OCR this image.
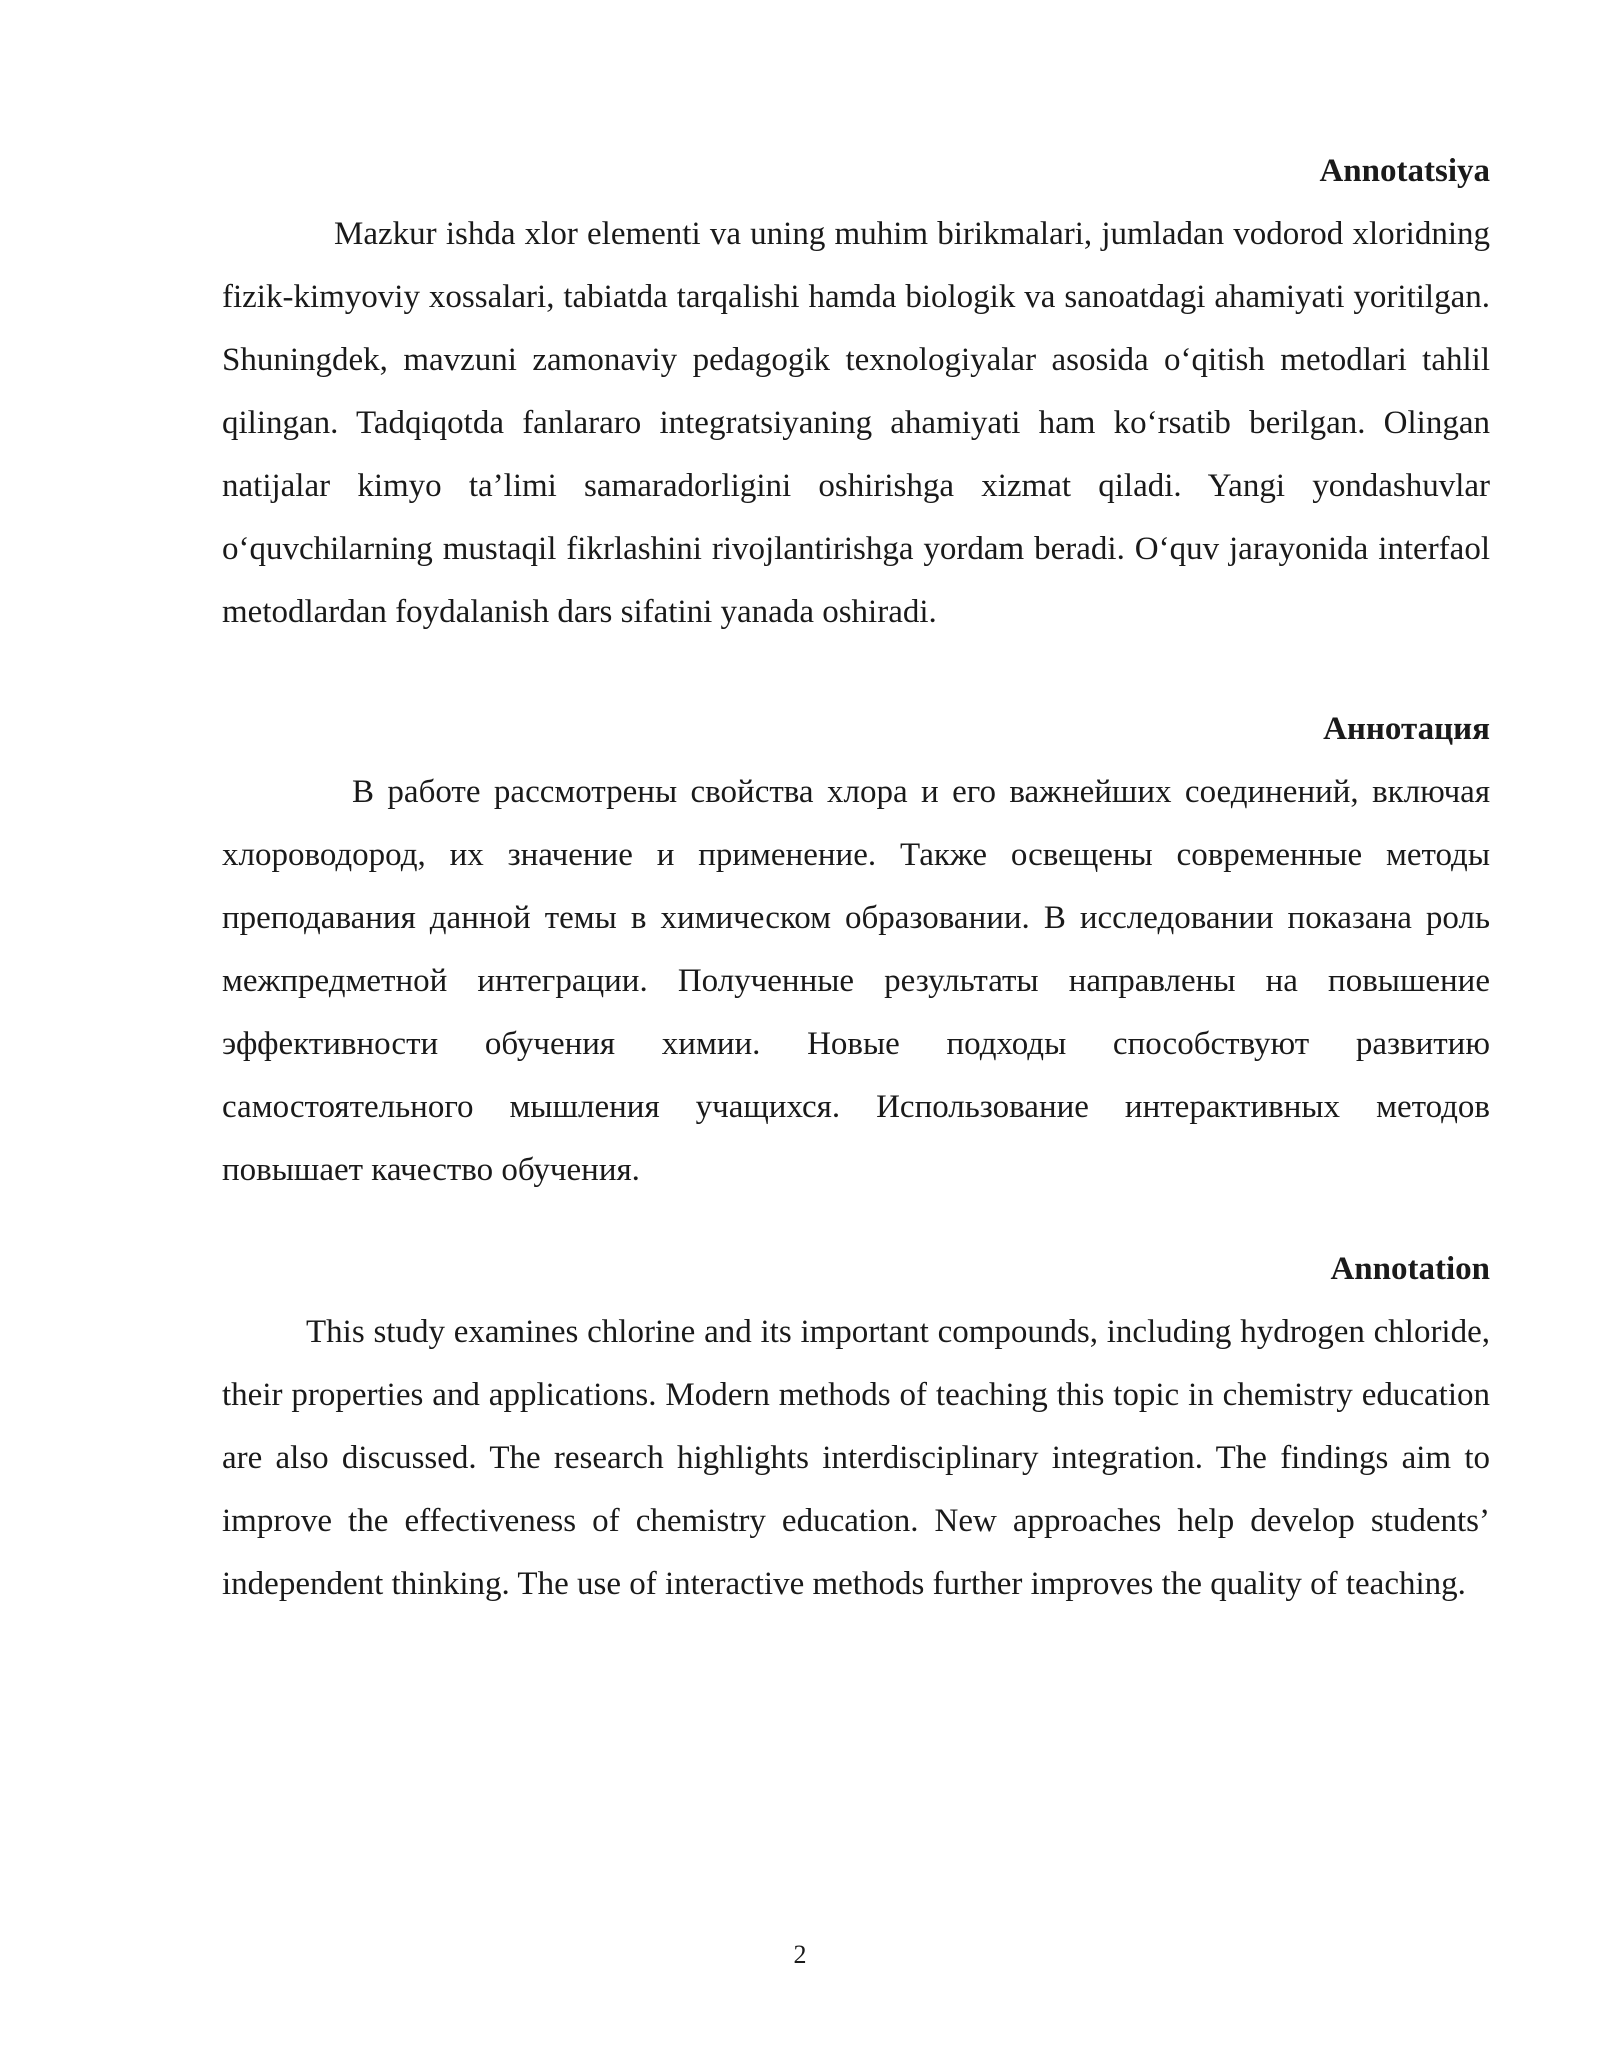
Annotatsiya

Mazkur ishda xlor elementi va uning muhim birikmalari, jumladan vodorod xloridning fizik-kimyoviy xossalari, tabiatda tarqalishi hamda biologik va sanoatdagi ahamiyati yoritilgan. Shuningdek, mavzuni zamonaviy pedagogik texnologiyalar asosida o‘qitish metodlari tahlil qilingan. Tadqiqotda fanlararo integratsiyaning ahamiyati ham ko‘rsatib berilgan. Olingan natijalar kimyo ta’limi samaradorligini oshirishga xizmat qiladi. Yangi yondashuvlar o‘quvchilarning mustaqil fikrlashini rivojlantirishga yordam beradi. O‘quv jarayonida interfaol metodlardan foydalanish dars sifatini yanada oshiradi.

Аннотация

В работе рассмотрены свойства хлора и его важнейших соединений, включая хлороводород, их значение и применение. Также освещены современные методы преподавания данной темы в химическом образовании. В исследовании показана роль межпредметной интеграции. Полученные результаты направлены на повышение эффективности обучения химии. Новые подходы способствуют развитию самостоятельного мышления учащихся. Использование интерактивных методов повышает качество обучения.

Annotation

This study examines chlorine and its important compounds, including hydrogen chloride, their properties and applications. Modern methods of teaching this topic in chemistry education are also discussed. The research highlights interdisciplinary integration. The findings aim to improve the effectiveness of chemistry education. New approaches help develop students’ independent thinking. The use of interactive methods further improves the quality of teaching.

2
